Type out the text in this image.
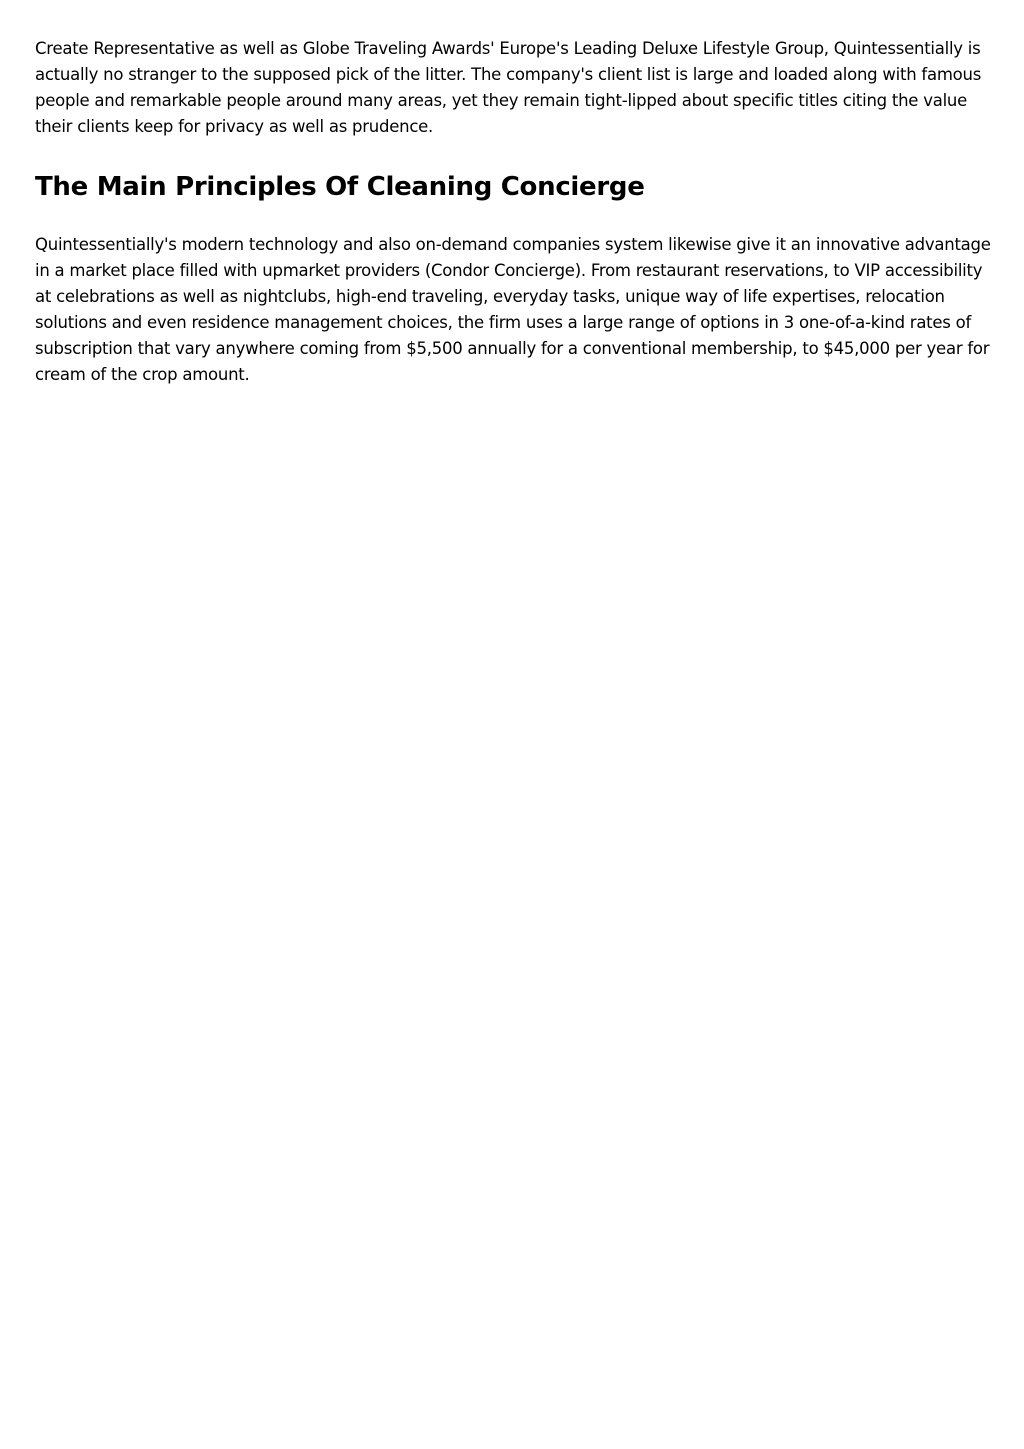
Create Representative as well as Globe Traveling Awards' Europe's Leading Deluxe Lifestyle Group, Quintessentially is actually no stranger to the supposed pick of the litter. The company's client list is large and loaded along with famous people and remarkable people around many areas, yet they remain tight-lipped about specific titles citing the value their clients keep for privacy as well as prudence.

The Main Principles Of Cleaning Concierge

Quintessentially's modern technology and also on-demand companies system likewise give it an innovative advantage in a market place filled with upmarket providers (Condor Concierge). From restaurant reservations, to VIP accessibility at celebrations as well as nightclubs, high-end traveling, everyday tasks, unique way of life expertises, relocation solutions and even residence management choices, the firm uses a large range of options in 3 one-of-a-kind rates of subscription that vary anywhere coming from $5,500 annually for a conventional membership, to $45,000 per year for cream of the crop amount.
